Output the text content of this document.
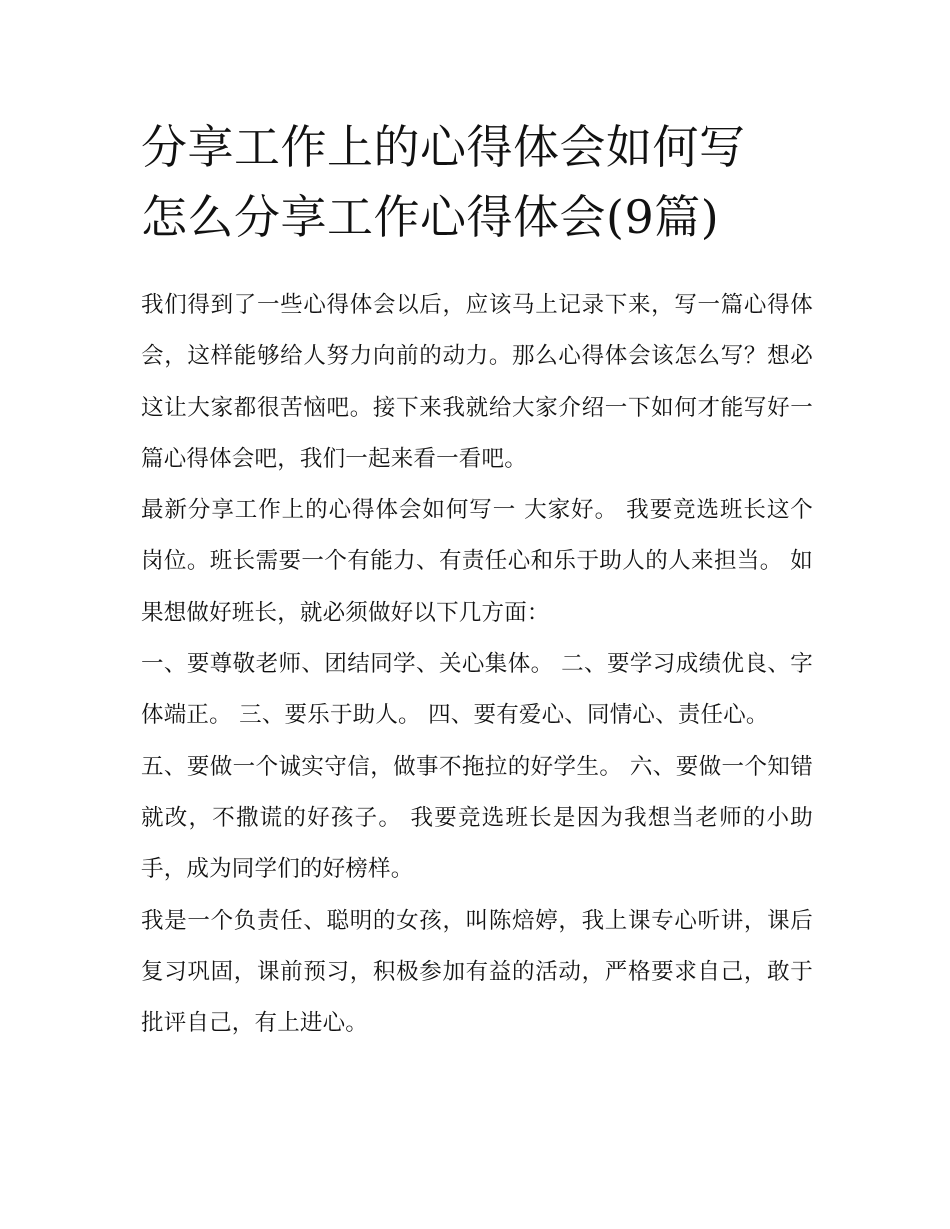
分享工作上的心得体会如何写
怎么分享工作心得体会(9篇)

我们得到了一些心得体会以后，应该马上记录下来，写一篇心得体会，这样能够给人努力向前的动力。那么心得体会该怎么写？想必这让大家都很苦恼吧。接下来我就给大家介绍一下如何才能写好一篇心得体会吧，我们一起来看一看吧。

最新分享工作上的心得体会如何写一 大家好。 我要竞选班长这个岗位。班长需要一个有能力、有责任心和乐于助人的人来担当。 如果想做好班长，就必须做好以下几方面：

一、要尊敬老师、团结同学、关心集体。 二、要学习成绩优良、字体端正。 三、要乐于助人。 四、要有爱心、同情心、责任心。

五、要做一个诚实守信，做事不拖拉的好学生。 六、要做一个知错就改，不撒谎的好孩子。 我要竞选班长是因为我想当老师的小助手，成为同学们的好榜样。

我是一个负责任、聪明的女孩，叫陈焙婷，我上课专心听讲，课后复习巩固，课前预习，积极参加有益的活动，严格要求自己，敢于批评自己，有上进心。
